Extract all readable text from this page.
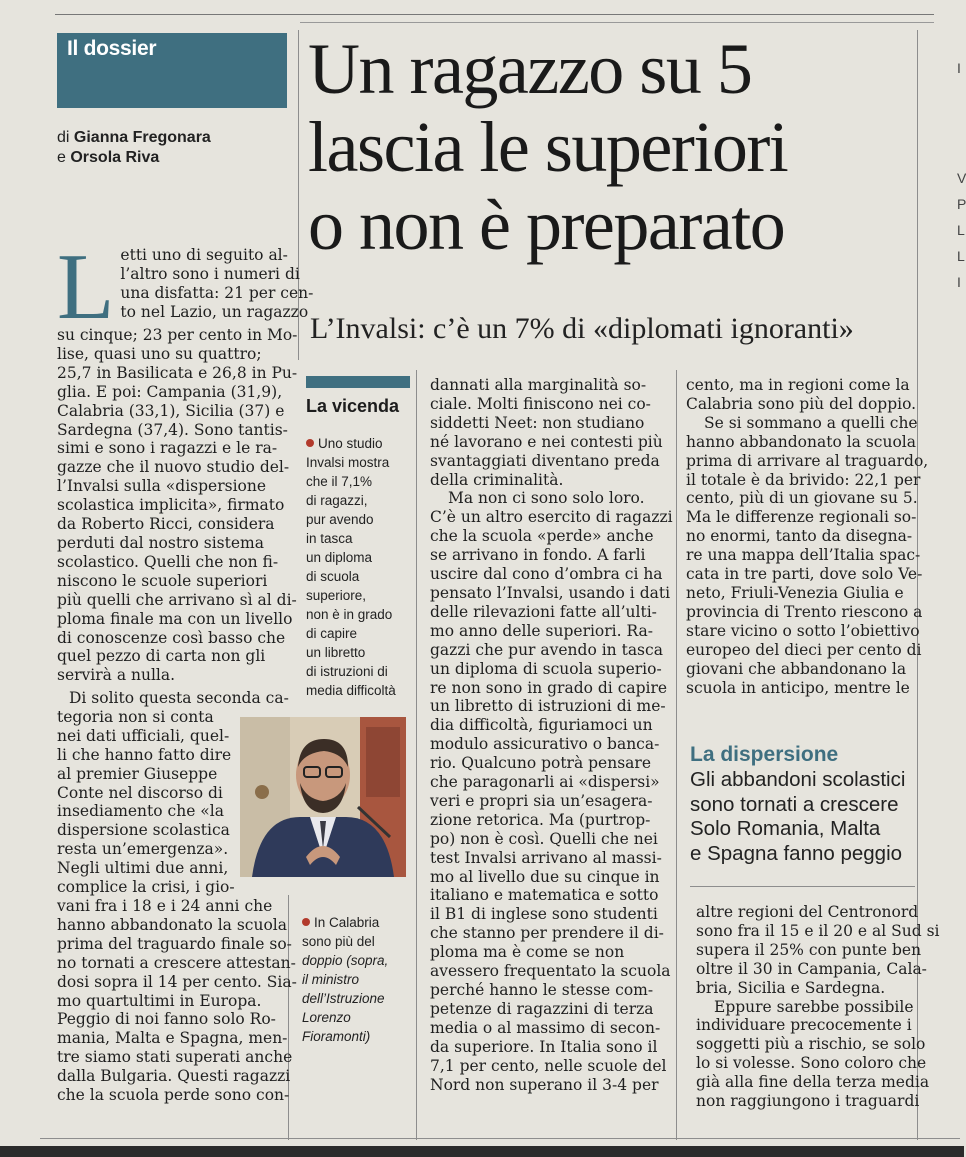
Il dossier
di Gianna Fregonara
e Orsola Riva
Un ragazzo su 5
lascia le superiori
o non è preparato
L’Invalsi: c’è un 7% di «diplomati ignoranti»
L etti uno di seguito al-
l’altro sono i numeri di
una disfatta: 21 per cen-
to nel Lazio, un ragazzo
su cinque; 23 per cento in Mo-
lise, quasi uno su quattro;
25,7 in Basilicata e 26,8 in Pu-
glia. E poi: Campania (31,9),
Calabria (33,1), Sicilia (37) e
Sardegna (37,4). Sono tantis-
simi e sono i ragazzi e le ra-
gazze che il nuovo studio del-
l’Invalsi sulla «dispersione
scolastica implicita», firmato
da Roberto Ricci, considera
perduti dal nostro sistema
scolastico. Quelli che non fi-
niscono le scuole superiori
più quelli che arrivano sì al di-
ploma finale ma con un livello
di conoscenze così basso che
quel pezzo di carta non gli
servirà a nulla.
Di solito questa seconda ca-
tegoria non si conta
nei dati ufficiali, quel-
li che hanno fatto dire
al premier Giuseppe
Conte nel discorso di
insediamento che «la
dispersione scolastica
resta un’emergenza».
Negli ultimi due anni,
complice la crisi, i gio-
vani fra i 18 e i 24 anni che
hanno abbandonato la scuola
prima del traguardo finale so-
no tornati a crescere attestan-
dosi sopra il 14 per cento. Sia-
mo quartultimi in Europa.
Peggio di noi fanno solo Ro-
mania, Malta e Spagna, men-
tre siamo stati superati anche
dalla Bulgaria. Questi ragazzi
che la scuola perde sono con-
La vicenda
Uno studio
Invalsi mostra
che il 7,1%
di ragazzi,
pur avendo
in tasca
un diploma
di scuola
superiore,
non è in grado
di capire
un libretto
di istruzioni di
media difficoltà
In Calabria
sono più del
doppio (sopra,
il ministro
dell’Istruzione
Lorenzo
Fioramonti)
dannati alla marginalità so-
ciale. Molti finiscono nei co-
siddetti Neet: non studiano
né lavorano e nei contesti più
svantaggiati diventano preda
della criminalità.
Ma non ci sono solo loro.
C’è un altro esercito di ragazzi
che la scuola «perde» anche
se arrivano in fondo. A farli
uscire dal cono d’ombra ci ha
pensato l’Invalsi, usando i dati
delle rilevazioni fatte all’ulti-
mo anno delle superiori. Ra-
gazzi che pur avendo in tasca
un diploma di scuola superio-
re non sono in grado di capire
un libretto di istruzioni di me-
dia difficoltà, figuriamoci un
modulo assicurativo o banca-
rio. Qualcuno potrà pensare
che paragonarli ai «dispersi»
veri e propri sia un’esagera-
zione retorica. Ma (purtrop-
po) non è così. Quelli che nei
test Invalsi arrivano al massi-
mo al livello due su cinque in
italiano e matematica e sotto
il B1 di inglese sono studenti
che stanno per prendere il di-
ploma ma è come se non
avessero frequentato la scuola
perché hanno le stesse com-
petenze di ragazzini di terza
media o al massimo di secon-
da superiore. In Italia sono il
7,1 per cento, nelle scuole del
Nord non superano il 3-4 per
cento, ma in regioni come la
Calabria sono più del doppio.
Se si sommano a quelli che
hanno abbandonato la scuola
prima di arrivare al traguardo,
il totale è da brivido: 22,1 per
cento, più di un giovane su 5.
Ma le differenze regionali so-
no enormi, tanto da disegna-
re una mappa dell’Italia spac-
cata in tre parti, dove solo Ve-
neto, Friuli-Venezia Giulia e
provincia di Trento riescono a
stare vicino o sotto l’obiettivo
europeo del dieci per cento di
giovani che abbandonano la
scuola in anticipo, mentre le
La dispersione
Gli abbandoni scolastici
sono tornati a crescere
Solo Romania, Malta
e Spagna fanno peggio
altre regioni del Centronord
sono fra il 15 e il 20 e al Sud si
supera il 25% con punte ben
oltre il 30 in Campania, Cala-
bria, Sicilia e Sardegna.
Eppure sarebbe possibile
individuare precocemente i
soggetti più a rischio, se solo
lo si volesse. Sono coloro che
già alla fine della terza media
non raggiungono i traguardi
I
V
P
L
L
I
